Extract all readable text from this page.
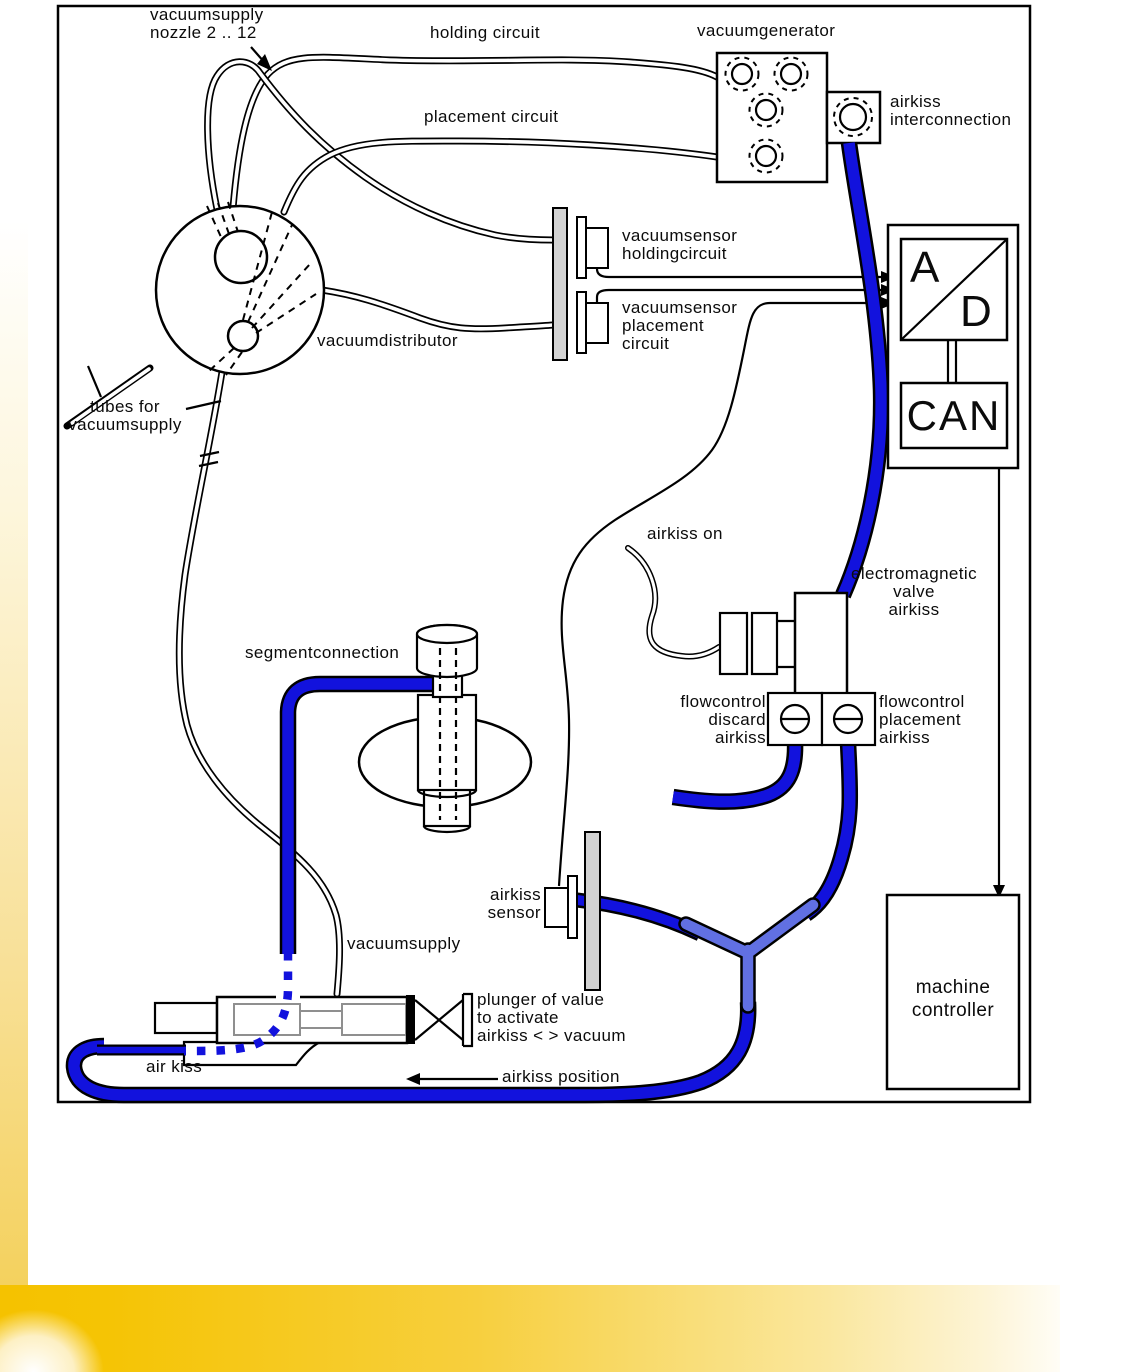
vacuumsupply
nozzle 2 .. 12	holding circuit
placement circuit
vacuumgenerator
airkiss
interconnection
vacuumsensor
holdingcircuit
vacuumsensor
placement
circuit
vacuumdistributor
tubes for
vacuumsupply
A
D
CAN
airkiss on
electromagnetic
valve
airkiss
segmentconnection
flowcontrol
discard
airkiss
flowcontrol
placement
airkiss
airkiss
sensor
vacuumsupply
plunger of value
to activate
airkiss < > vacuum
air kiss
airkiss position
machine
controller
